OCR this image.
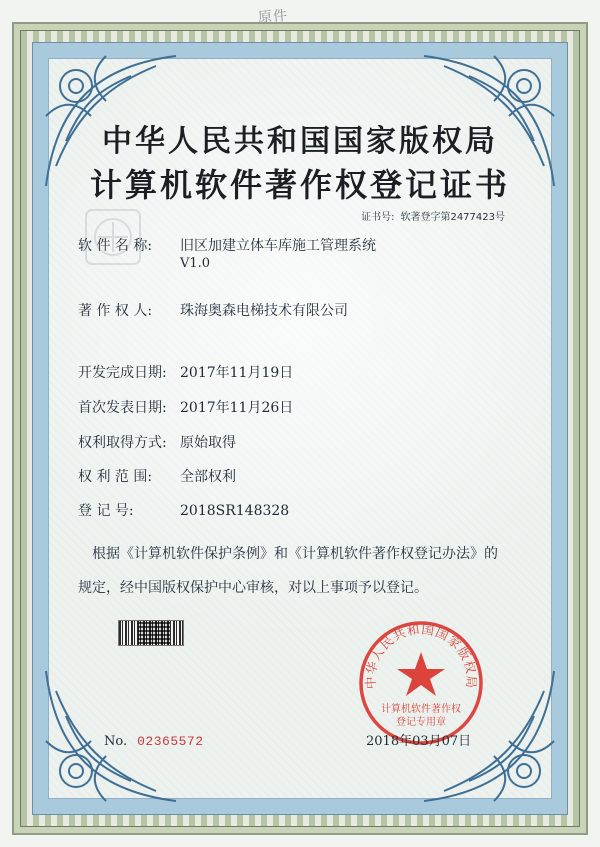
原件
中华人民共和国国家版权局
计算机软件著作权登记证书
证书号: 软著登字第2477423号
软 件 名 称: 旧区加建立体车库施工管理系统
V1.0
著 作 权 人: 珠海奥森电梯技术有限公司
开发完成日期: 2017年11月19日
首次发表日期: 2017年11月26日
权利取得方式: 原始取得
权 利 范 围: 全部权利
登 记 号:	2018SR148328
根据《计算机软件保护条例》和《计算机软件著作权登记办法》的
规定，经中国版权保护中心审核，对以上事项予以登记。
No. 02365572
中华人民共和国国家版权局
计算机软件著作权
登记专用章
2018年03月07日
